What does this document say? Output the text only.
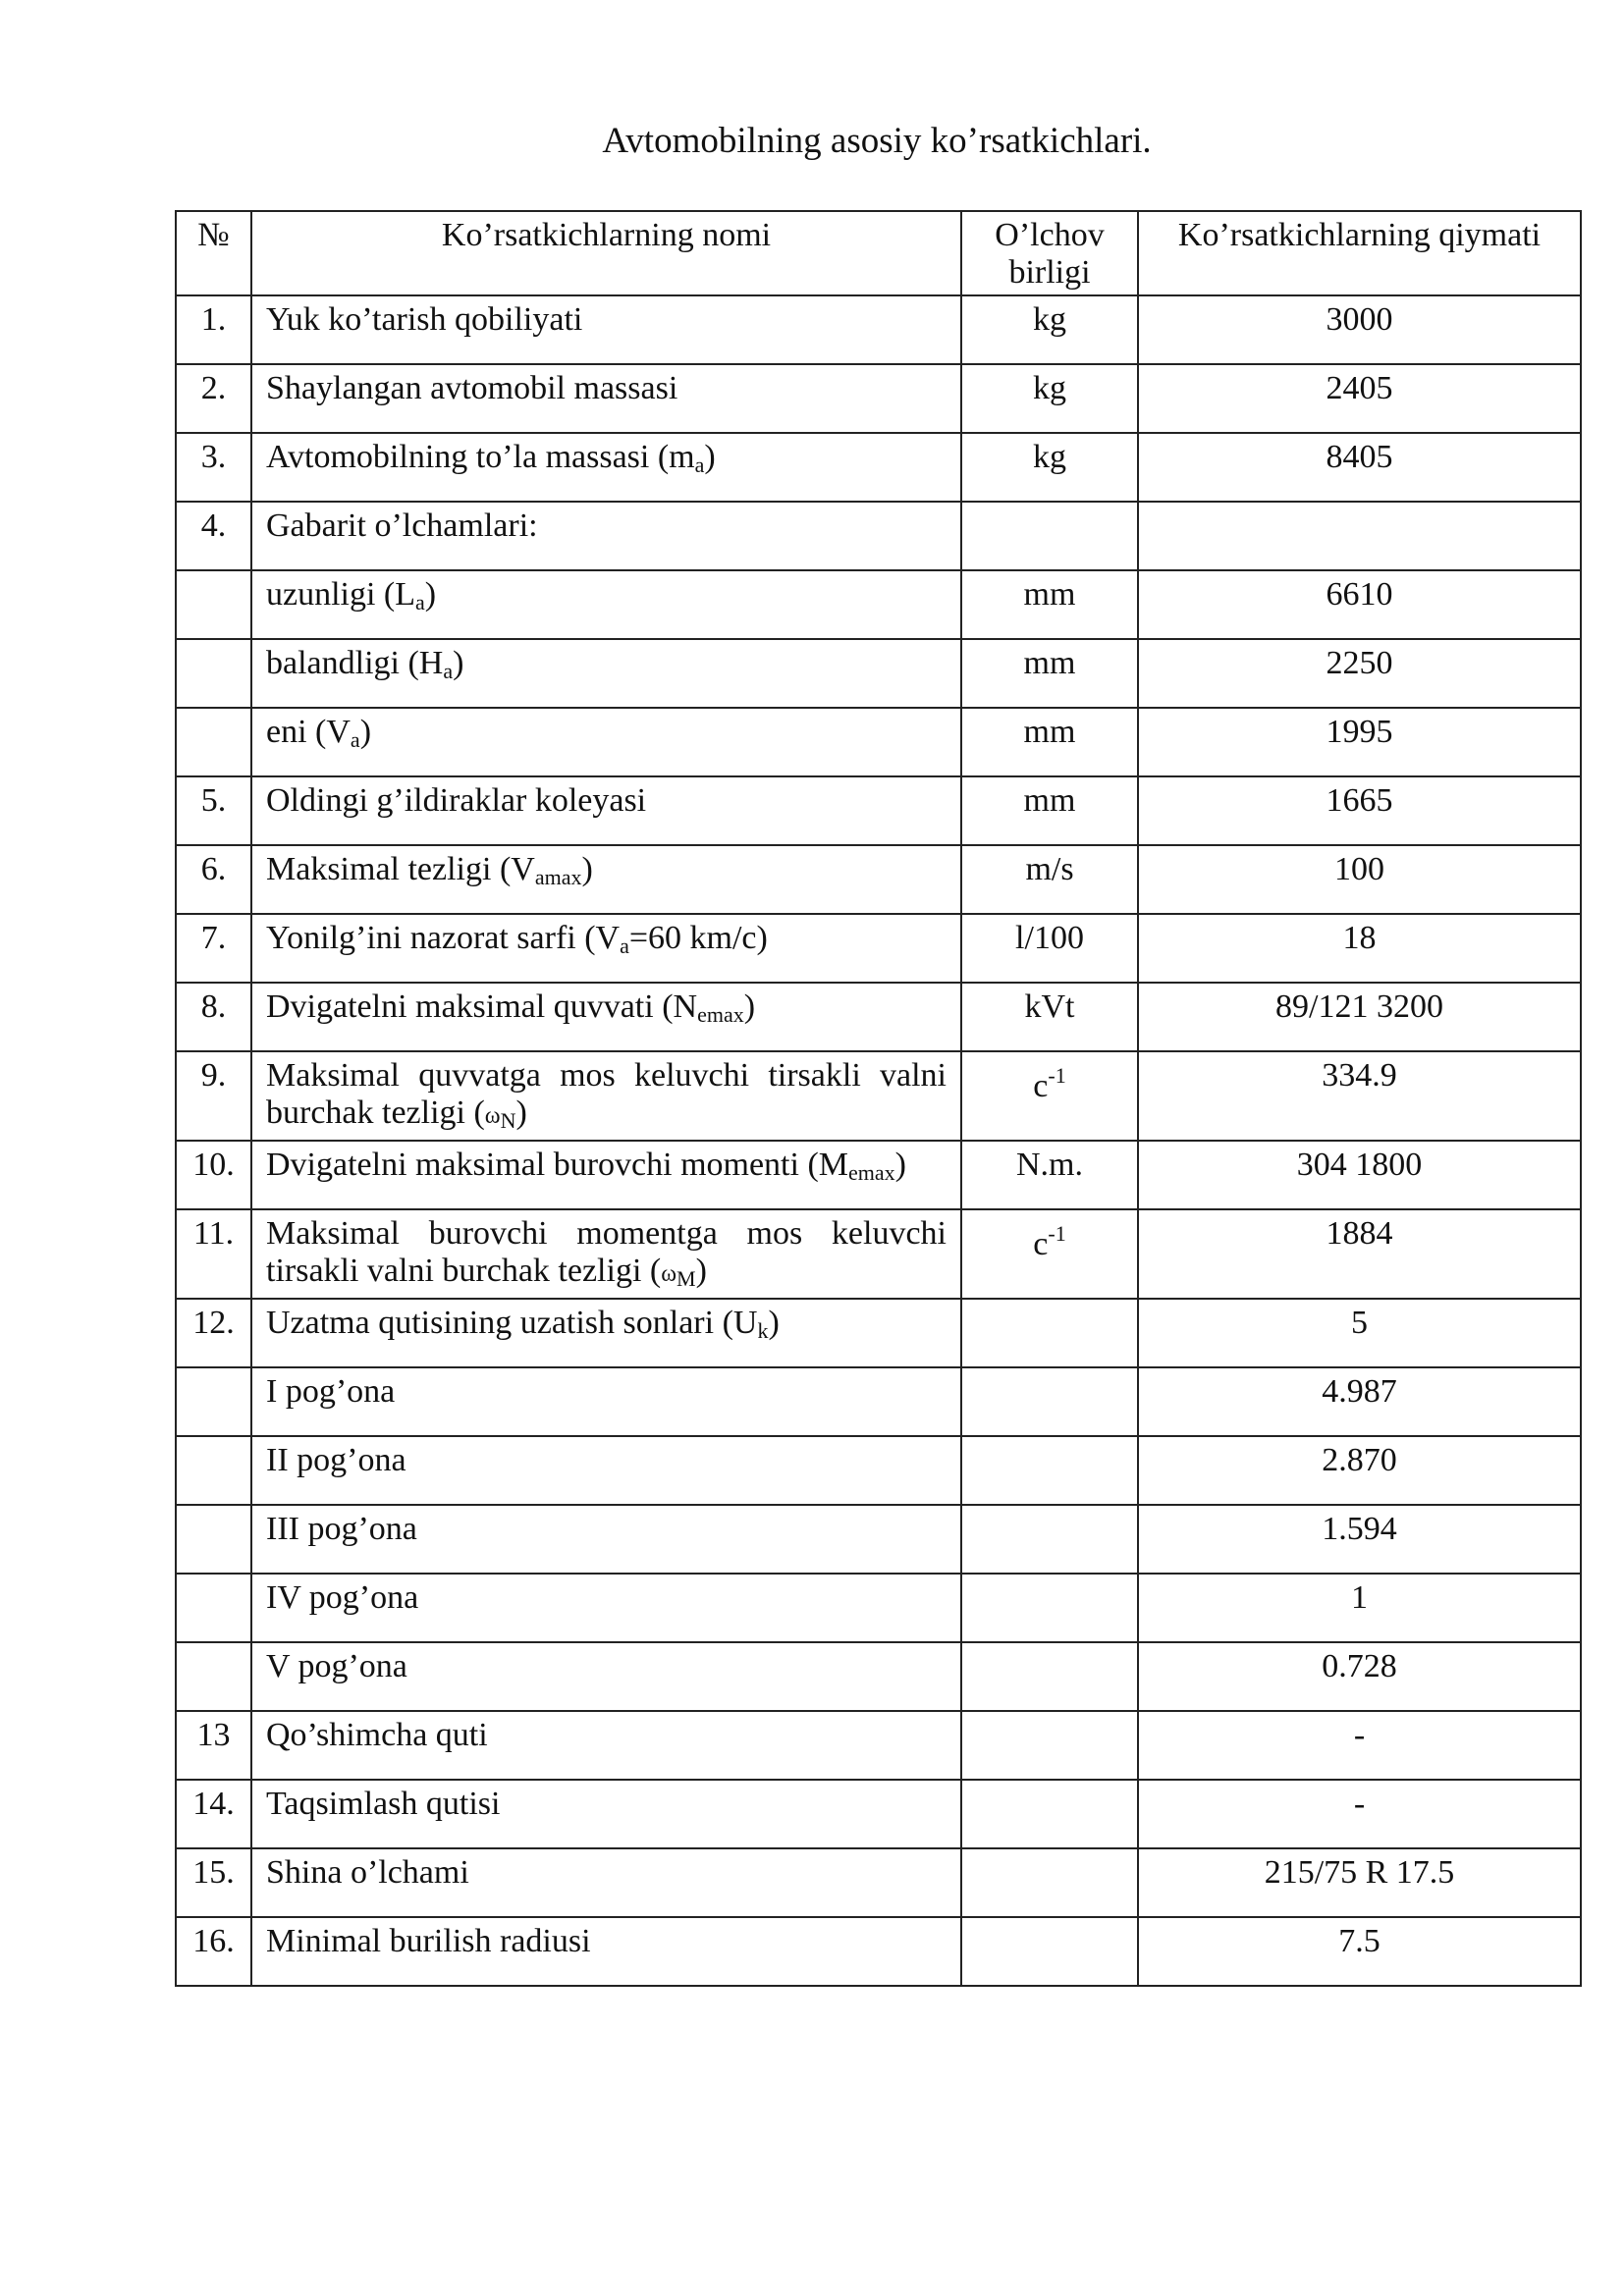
Avtomobilning asosiy ko’rsatkichlari.
№	Ko’rsatkichlarning nomi	O’lchov birligi	Ko’rsatkichlarning qiymati
1.	Yuk ko’tarish qobiliyati	kg	3000
2.	Shaylangan avtomobil massasi	kg	2405
3.	Avtomobilning to’la massasi $(m_a)$	kg	8405
4.	Gabarit o’lchamlari:		
	uzunligi $(L_a)$	mm	6610
	balandligi $(H_a)$	mm	2250
	eni $(V_a)$	mm	1995
5.	Oldingi g’ildiraklar koleyasi	mm	1665
6.	Maksimal tezligi $(V_{amax})$	m/s	100
7.	Yonilg’ini nazorat sarfi ($V_a=60$ km/c)	l/100	18
8.	Dvigatelni maksimal quvvati $(N_{emax})$	kVt	89/121 3200
9.	Maksimal quvvatga mos keluvchi tirsakli valni burchak tezligi $(\omega_N)$	$c^{-1}$	334.9
10.	Dvigatelni maksimal burovchi momenti $(M_{emax})$	N.m.	304 1800
11.	Maksimal burovchi momentga mos keluvchi tirsakli valni burchak tezligi $(\omega_M)$	$c^{-1}$	1884
12.	Uzatma qutisining uzatish sonlari $(U_k)$		5
	I pog’ona		4.987
	II pog’ona		2.870
	III pog’ona		1.594
	IV pog’ona		1
	V pog’ona		0.728
13	Qo’shimcha quti		-
14.	Taqsimlash qutisi		-
15.	Shina o’lchami		215/75 R 17.5
16.	Minimal burilish radiusi		7.5
